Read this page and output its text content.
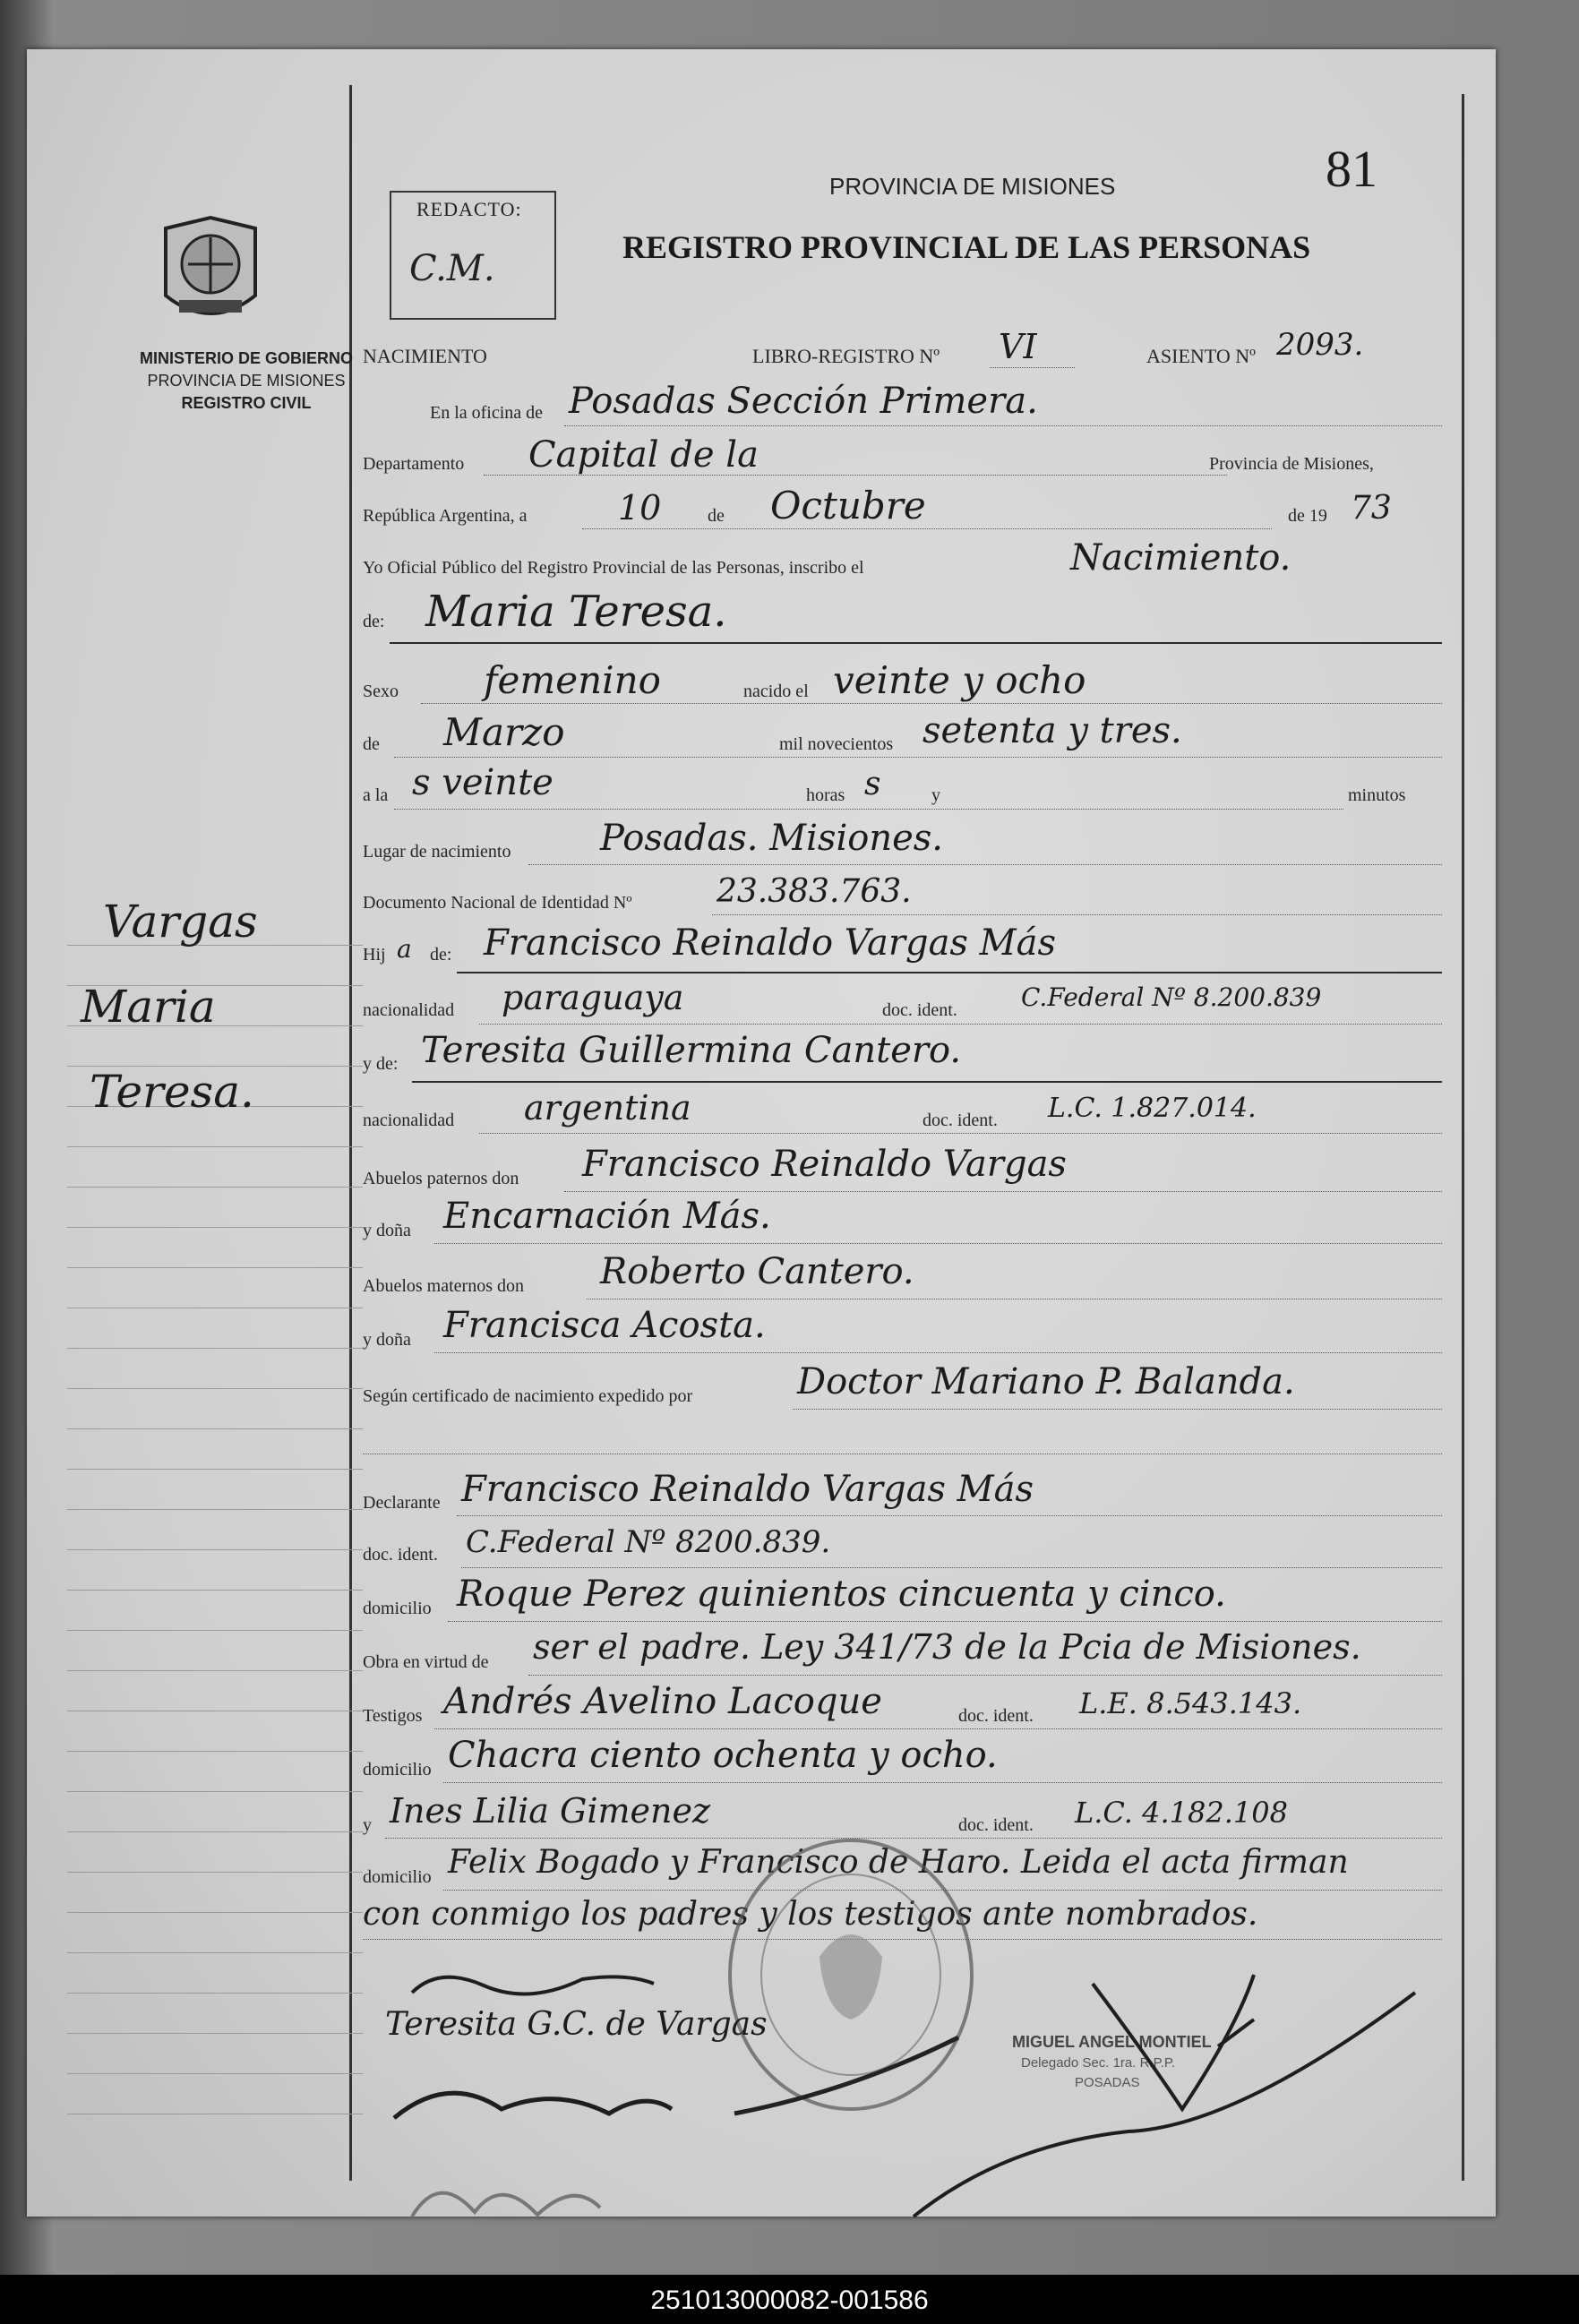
MINISTERIO DE GOBIERNO
PROVINCIA DE MISIONES
REGISTRO CIVIL
Vargas
Maria
Teresa.
REDACTO:
C.M.
PROVINCIA DE MISIONES
REGISTRO PROVINCIAL DE LAS PERSONAS
81
NACIMIENTO	LIBRO-REGISTRO Nº VI	ASIENTO Nº 2093.
En la oficina de Posadas Sección Primera.
Departamento Capital de la	Provincia de Misiones,
República Argentina, a	10	de Octubre	de 19 73
Yo Oficial Público del Registro Provincial de las Personas, inscribo el	Nacimiento.
de: Maria Teresa.
Sexo femenino	nacido el veinte y ocho
de Marzo	mil novecientos setenta y tres.
a la s veinte	horas s	y	minutos
Lugar de nacimiento Posadas. Misiones.
Documento Nacional de Identidad Nº	23.383.763.
Hij a de: Francisco Reinaldo Vargas Más
nacionalidad paraguaya	doc. ident.	C.Federal Nº 8.200.839
y de: Teresita Guillermina Cantero.
nacionalidad argentina	doc. ident. L.C. 1.827.014.
Abuelos paternos don Francisco Reinaldo Vargas
y doña Encarnación Más.
Abuelos maternos don Roberto Cantero.
y doña Francisca Acosta.
Según certificado de nacimiento expedido por	Doctor Mariano P. Balanda.
Declarante Francisco Reinaldo Vargas Más
doc. ident. C.Federal Nº 8200.839.
domicilio Roque Perez quinientos cincuenta y cinco.
Obra en virtud de ser el padre. Ley 341/73 de la Pcia de Misiones.
Testigos Andrés Avelino Lacoque	doc. ident. L.E. 8.543.143.
domicilio Chacra ciento ochenta y ocho.
y Ines Lilia Gimenez	doc. ident. L.C. 4.182.108
domicilio Felix Bogado y Francisco de Haro. Leida el acta firman
con conmigo los padres y los testigos ante nombrados.
MIGUEL ANGEL MONTIEL
Delegado Sec. 1ra. R.P.P.
POSADAS
Teresita G.C. de Vargas
251013000082-001586
